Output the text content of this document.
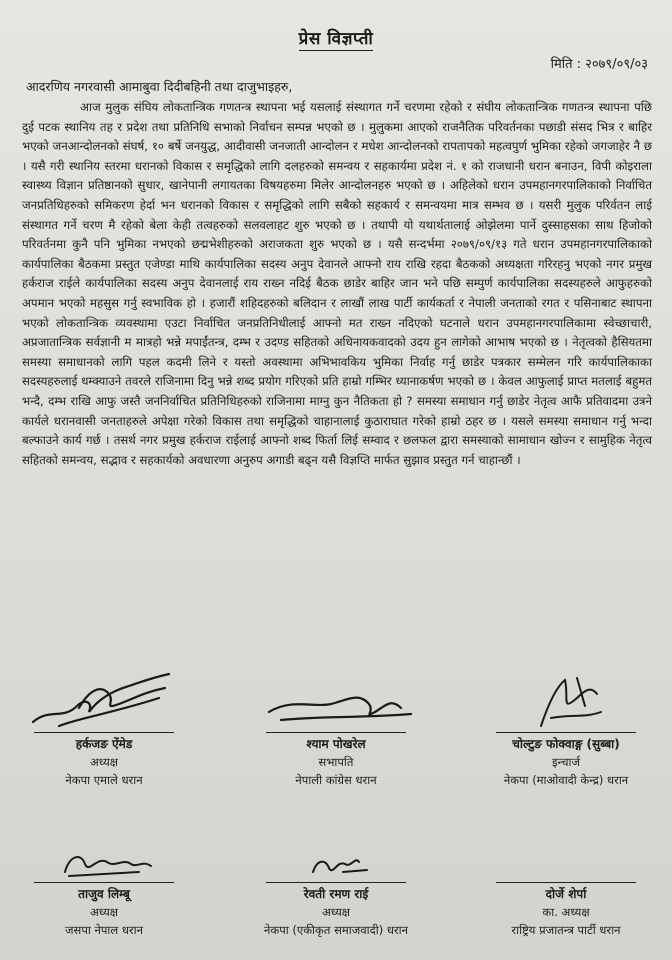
प्रेस विज्ञप्ती
मिति : २०७९/०९/०३
आदरणिय नगरवासी आमाबुवा दिदीबहिनी तथा दाजुभाइहरु,

आज मुलुक संघिय लोकतान्त्रिक गणतन्त्र स्थापना भई यसलाई संस्थागत गर्ने चरणमा रहेको र संघीय लोकतान्त्रिक गणतन्त्र स्थापना पछि दुई पटक स्थानिय तह र प्रदेश तथा प्रतिनिधि सभाको निर्वाचन सम्पन्न भएको छ । मुलुकमा आएको राजनैतिक परिवर्तनका पछाडी संसद भित्र र बाहिर भएको जनआन्दोलनको संघर्ष, १० बर्षे जनयुद्ध, आदीवासी जनजाती आन्दोलन र मधेश आन्दोलनको रापतापको महत्वपुर्ण भुमिका रहेको जगजाहेर नै छ । यसै गरी स्थानिय स्तरमा धरानको विकास र समृद्धिको लागि दलहरुको समन्वय र सहकार्यमा प्रदेश नं. १ को राजधानी धरान बनाउन, विपी कोइराला स्वास्थ्य विज्ञान प्रतिष्ठानको सुधार, खानेपानी लगायतका विषयहरुमा मिलेर आन्दोलनहरु भएको छ । अहिलेको धरान उपमहानगरपालिकाको निर्वाचित जनप्रतिधिहरुको समिकरण हेर्दा भन धरानको विकास र समृद्धिको लागि सबैको सहकार्य र समन्वयमा मात्र सम्भव छ । यसरी मुलुक परिर्वतन लाई संस्थागत गर्ने चरण मै रहेको बेला केही तत्वहरुको सलवलाहट शुरु भएको छ । तथापी यो यथार्थतालाई ओझेलमा पार्ने दुस्साहसका साथ हिजोको परिवर्तनमा कुनै पनि भुमिका नभएको छद्मभेशीहरुको अराजकता शुरु भएको छ । यसै सन्दर्भमा २०७९/०९/१३ गते धरान उपमहानगरपालिकाको कार्यपालिका बैठकमा प्रस्तुत एजेण्डा माथि कार्यपालिका सदस्य अनुप देवानले आफ्नो राय राखि रहदा बैठकको अध्यक्षता गरिरहनु भएको नगर प्रमुख हर्कराज राईले कार्यपालिका सदस्य अनुप देवानलाई राय राख्न नदिई बैठक छाडेर बाहिर जान भने पछि सम्पुर्ण कार्यपालिका सदस्यहरुले आफुहरुको अपमान भएको महसुस गर्नु स्वभाविक हो । हजारौं शहिदहरुको बलिदान र लाखौं लाख पार्टी कार्यकर्ता र नेपाली जनताको रगत र पसिनाबाट स्थापना भएको लोकतान्त्रिक व्यवस्थामा एउटा निर्वाचित जनप्रतिनिधीलाई आफ्नो मत राख्न नदिएको घटनाले धरान उपमहानगरपालिकामा स्वेच्छाचारी, अप्रजातान्त्रिक सर्वज्ञानी म मात्रहो भन्ने मपाईंतन्त्र, दम्भ र उदण्ड सहितको अधिनायकवादको उदय हुन लागेको आभाष भएको छ । नेतृत्वको हैसियतमा समस्या समाधानको लागि पहल कदमी लिने र यस्तो अवस्थामा अभिभावकिय भुमिका निर्वाह गर्नु छाडेर पत्रकार सम्मेलन गरि कार्यपालिकाका सदस्यहरुलाई धम्क्याउने तवरले राजिनामा दिनु भन्ने शब्द प्रयोग गरिएको प्रति हाम्रो गम्भिर ध्यानाकर्षण भएको छ । केवल आफुलाई प्राप्त मतलाई बहुमत भन्दै, दम्भ राखि आफु जस्तै जननिर्वाचित प्रतिनिधिहरुको राजिनामा माग्नु कुन नैतिकता हो ? समस्या समाधान गर्नु छाडेर नेतृत्व आफै प्रतिवादमा उत्रने कार्यले धरानवासी जनताहरुले अपेक्षा गरेको विकास तथा समृद्धिको चाहानालाई कुठाराघात गरेको हाम्रो ठहर छ । यसले समस्या समाधान गर्नु भन्दा बल्फाउने कार्य गर्छ । तसर्थ नगर प्रमुख हर्कराज राईलाई आफ्नो शब्द फिर्ता लिई सम्वाद र छलफल द्वारा समस्याको सामाधान खोज्न र सामुहिक नेतृत्व सहितको समन्वय, सद्भाव र सहकार्यको अवधारणा अनुरुप अगाडी बढ्न यसै विज्ञप्ति मार्फत सुझाव प्रस्तुत गर्न चाहान्छौं ।

हर्कजङ ऐंमेड
अध्यक्ष
नेकपा एमाले धरान
श्याम पोखरेल
सभापति
नेपाली कांग्रेस धरान
चोल्टुङ फोक्वाङ्ग (सुब्बा)
इन्चार्ज
नेकपा (माओवादी केन्द्र) धरान
ताजुव लिम्बू
अध्यक्ष
जसपा नेपाल धरान
रेवती रमण राई
अध्यक्ष
नेकपा (एकीकृत समाजवादी) धरान
दोर्जे शेर्पा
का. अध्यक्ष
राष्ट्रिय प्रजातन्त्र पार्टी धरान
